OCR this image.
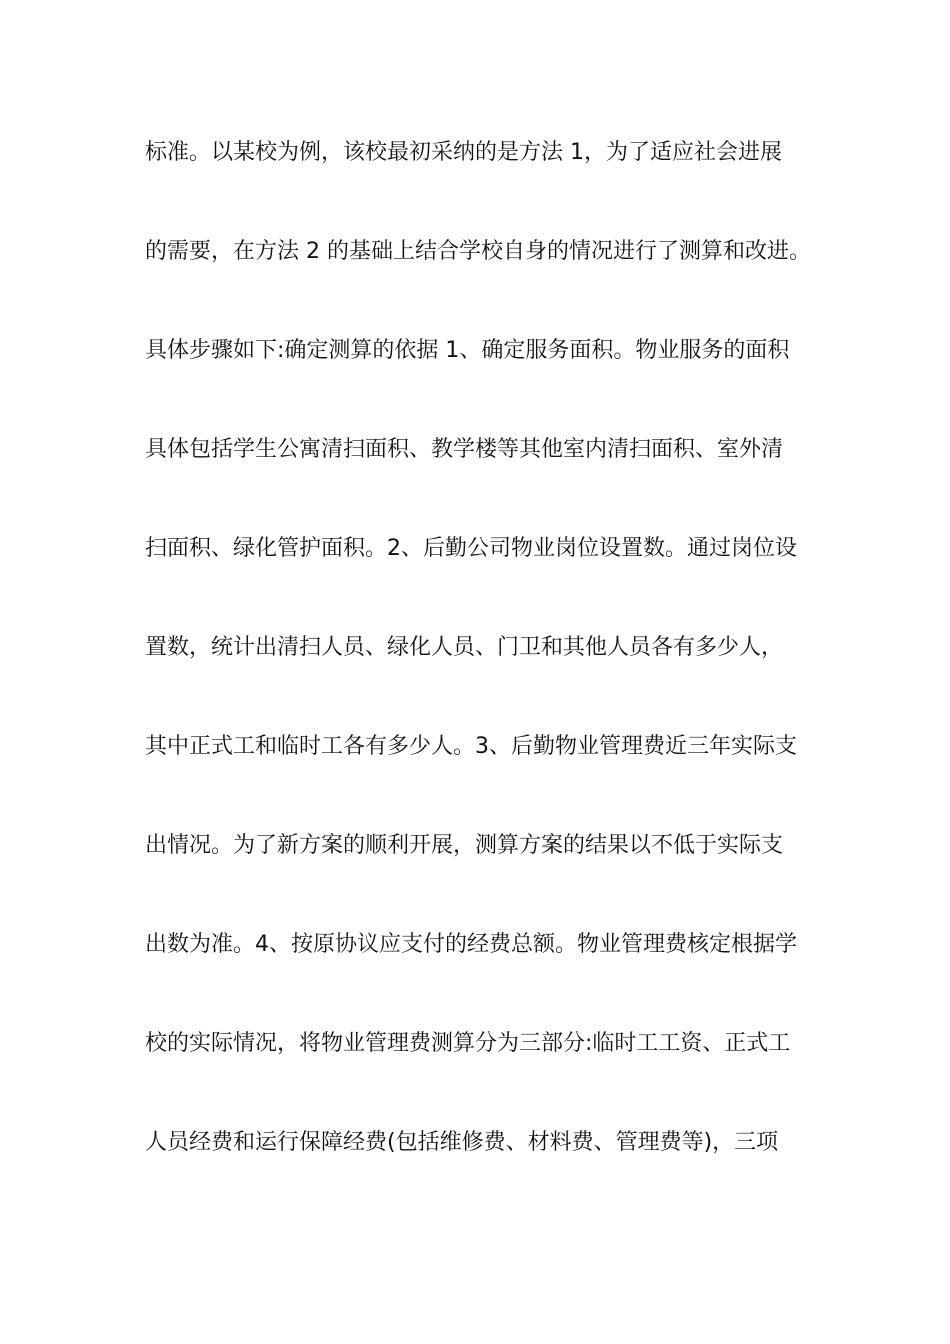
标准。以某校为例，该校最初采纳的是方法 1，为了适应社会进展
的需要，在方法 2 的基础上结合学校自身的情况进行了测算和改进。
具体步骤如下:确定测算的依据 1、确定服务面积。物业服务的面积
具体包括学生公寓清扫面积、教学楼等其他室内清扫面积、室外清
扫面积、绿化管护面积。2、后勤公司物业岗位设置数。通过岗位设
置数，统计出清扫人员、绿化人员、门卫和其他人员各有多少人，
其中正式工和临时工各有多少人。3、后勤物业管理费近三年实际支
出情况。为了新方案的顺利开展，测算方案的结果以不低于实际支
出数为准。4、按原协议应支付的经费总额。物业管理费核定根据学
校的实际情况，将物业管理费测算分为三部分:临时工工资、正式工
人员经费和运行保障经费(包括维修费、材料费、管理费等)，三项
